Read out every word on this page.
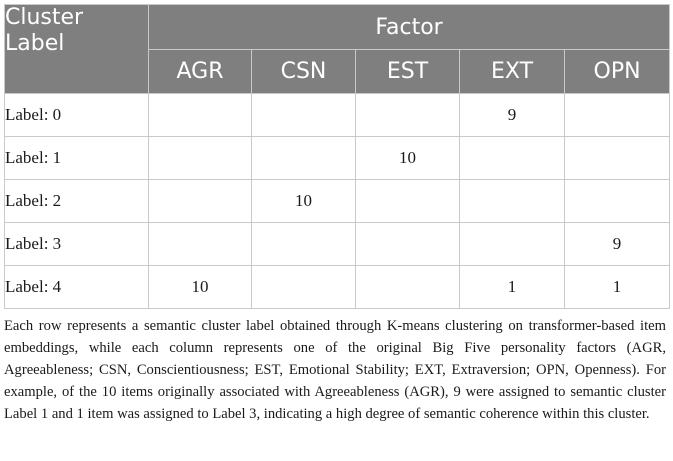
Cluster Label	Factor				
	AGR	CSN	EST	EXT	OPN
Label: 0				9	
Label: 1			10		
Label: 2		10			
Label: 3					9
Label: 4	10			1	1

Each row represents a semantic cluster label obtained through K-means clustering on transformer-based item embeddings, while each column represents one of the original Big Five personality factors (AGR, Agreeableness; CSN, Conscientiousness; EST, Emotional Stability; EXT, Extraversion; OPN, Openness). For example, of the 10 items originally associated with Agreeableness (AGR), 9 were assigned to semantic cluster Label 1 and 1 item was assigned to Label 3, indicating a high degree of semantic coherence within this cluster.
